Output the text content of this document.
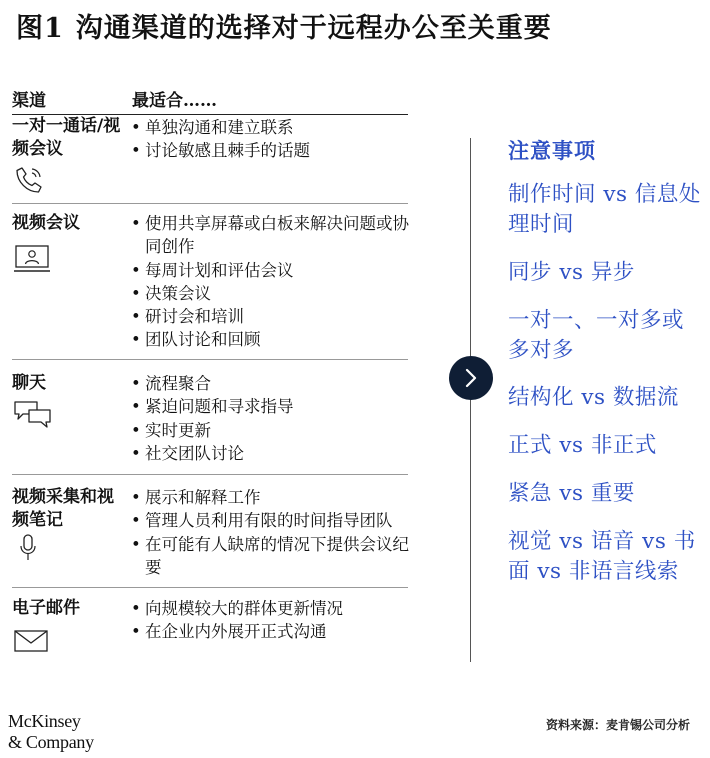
图1 沟通渠道的选择对于远程办公至关重要
渠道	最适合……
一对一通话/视频会议
• 单独沟通和建立联系
• 讨论敏感且棘手的话题
视频会议	• 使用共享屏幕或白板来解决问题或协同创作
• 每周计划和评估会议
• 决策会议
• 研讨会和培训
• 团队讨论和回顾
聊天	• 流程聚合
• 紧迫问题和寻求指导
• 实时更新
• 社交团队讨论
视频采集和视频笔记
• 展示和解释工作
• 管理人员利用有限的时间指导团队
• 在可能有人缺席的情况下提供会议纪要
电子邮件	• 向规模较大的群体更新情况
• 在企业内外展开正式沟通
注意事项
制作时间 vs 信息处理时间
同步 vs 异步
一对一、一对多或多对多
结构化 vs 数据流
正式 vs 非正式
紧急 vs 重要
视觉 vs 语音 vs 书面 vs 非语言线索
McKinsey
& Company
资料来源：麦肯锡公司分析
